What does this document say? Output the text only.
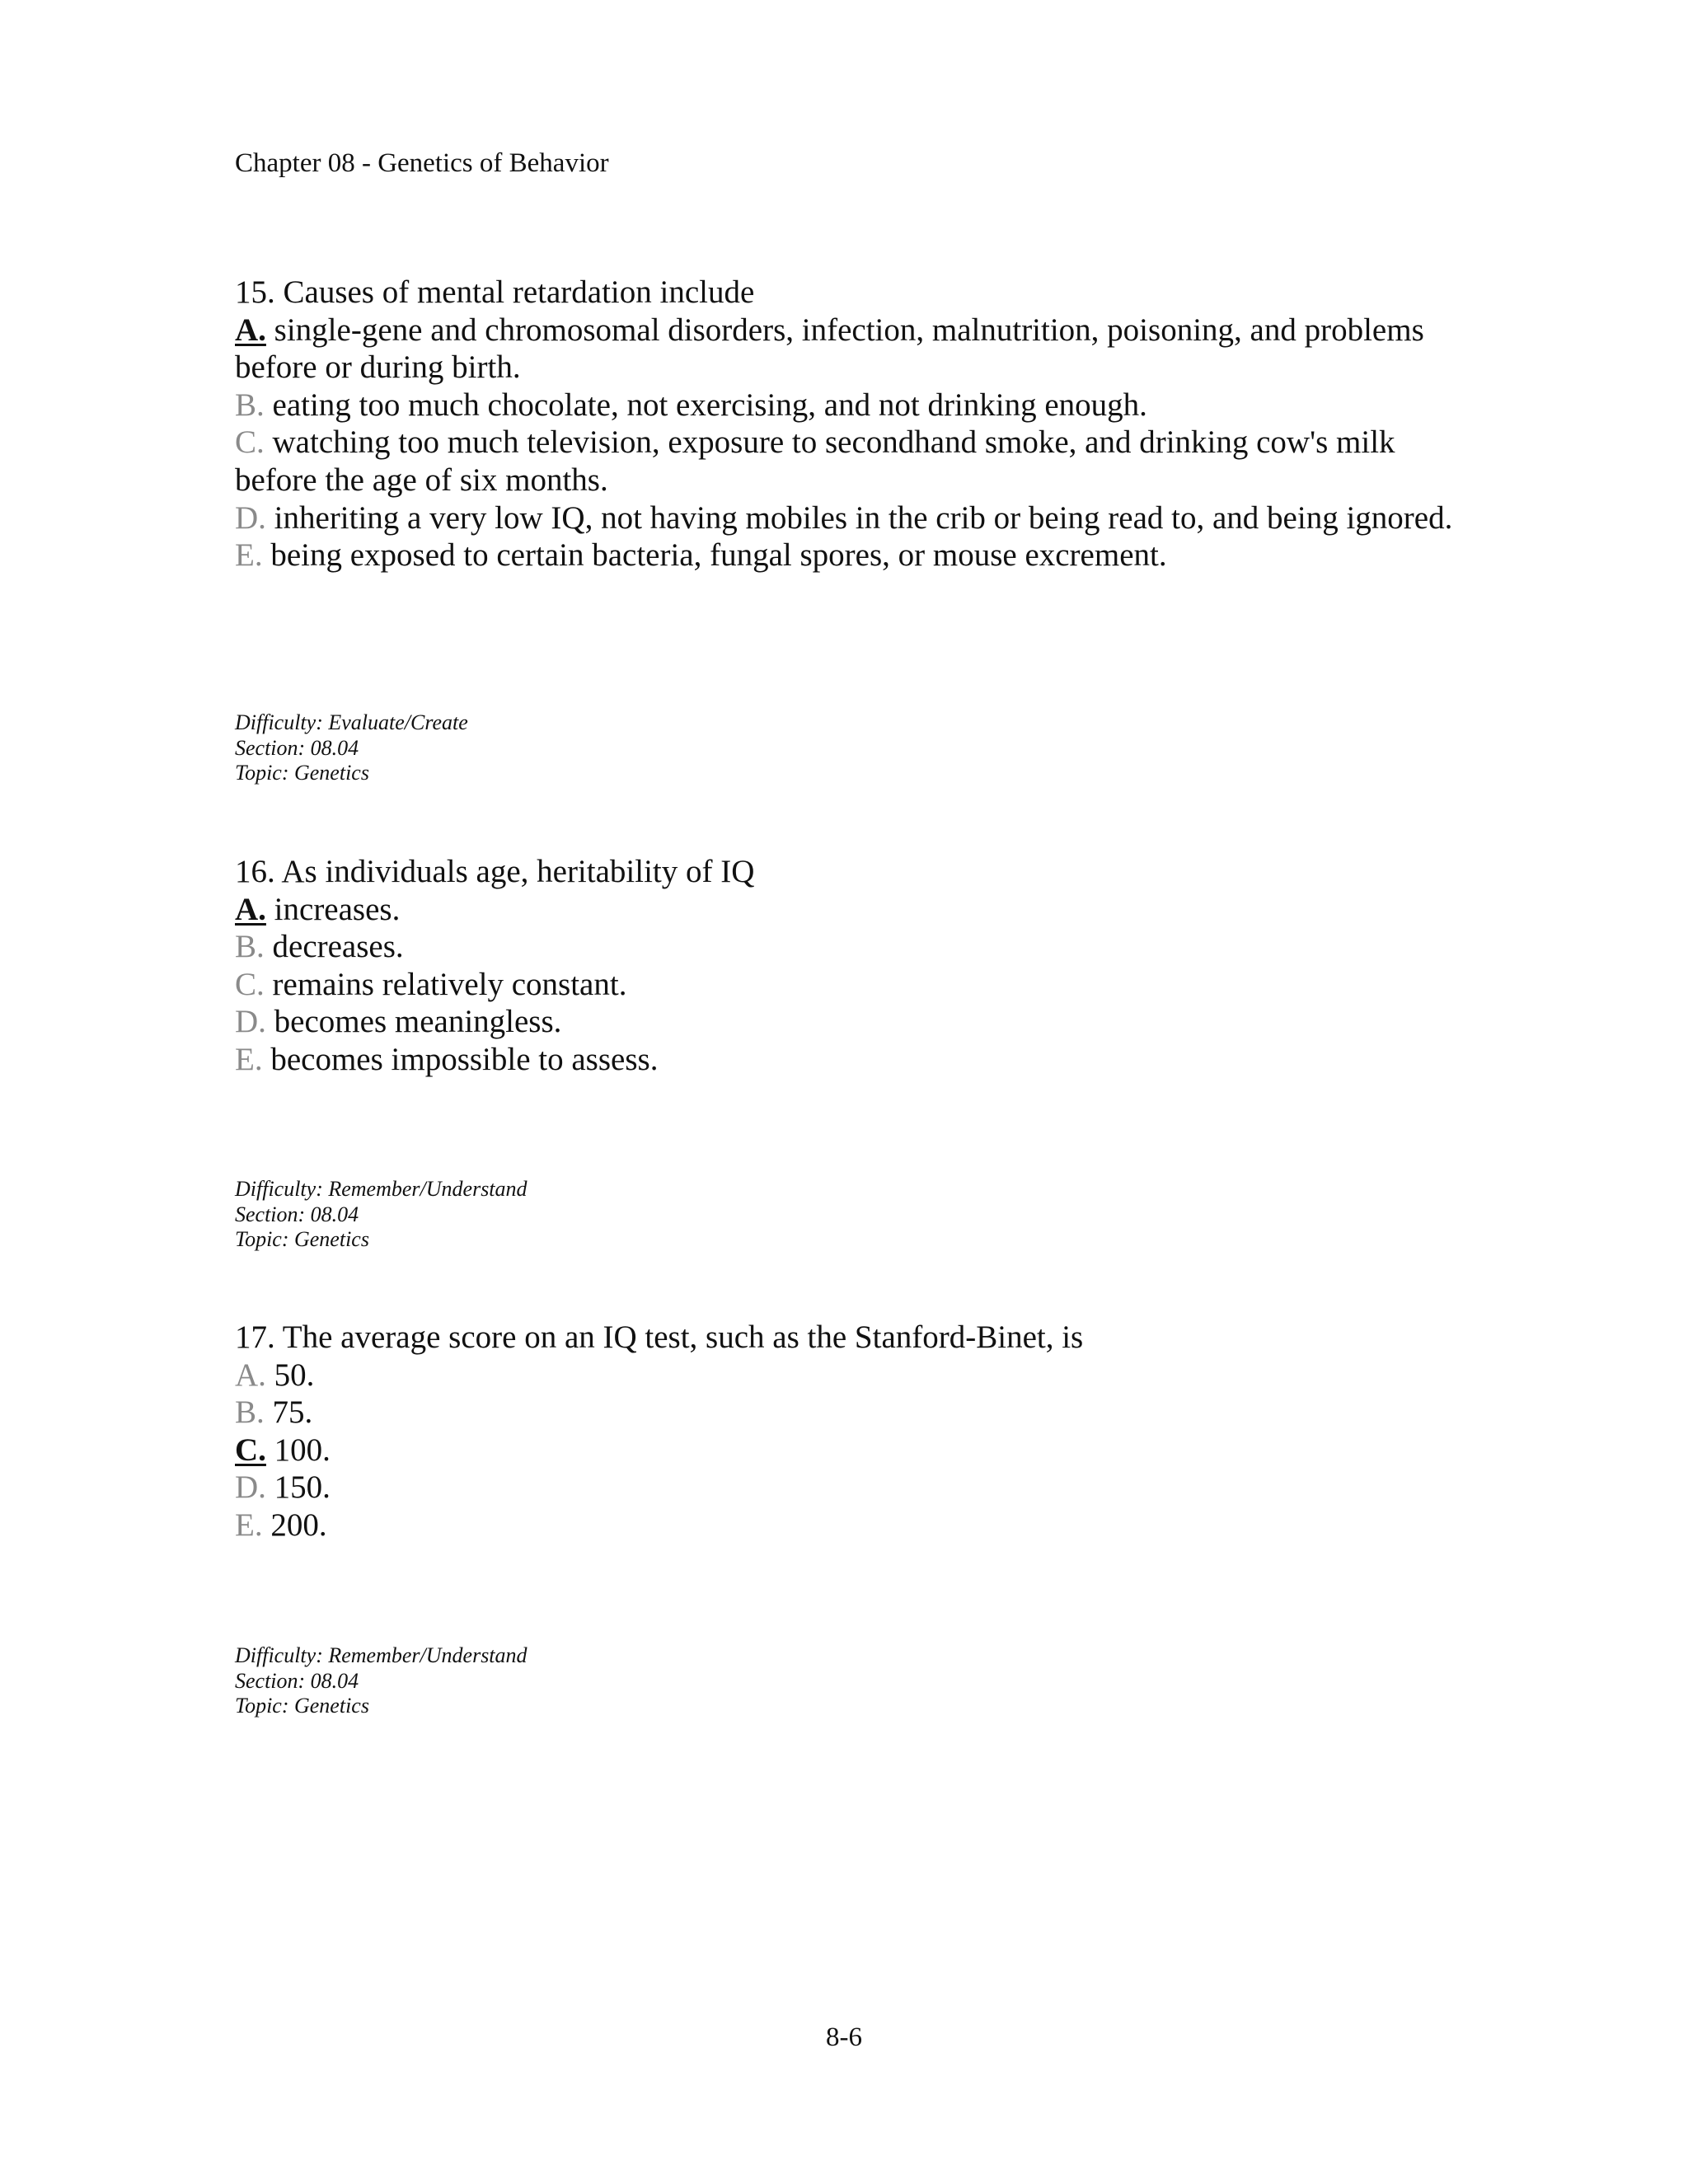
Chapter 08 - Genetics of Behavior
15. Causes of mental retardation include
A. single-gene and chromosomal disorders, infection, malnutrition, poisoning, and problems before or during birth.
B. eating too much chocolate, not exercising, and not drinking enough.
C. watching too much television, exposure to secondhand smoke, and drinking cow's milk before the age of six months.
D. inheriting a very low IQ, not having mobiles in the crib or being read to, and being ignored.
E. being exposed to certain bacteria, fungal spores, or mouse excrement.
Difficulty: Evaluate/Create
Section: 08.04
Topic: Genetics
16. As individuals age, heritability of IQ
A. increases.
B. decreases.
C. remains relatively constant.
D. becomes meaningless.
E. becomes impossible to assess.
Difficulty: Remember/Understand
Section: 08.04
Topic: Genetics
17. The average score on an IQ test, such as the Stanford-Binet, is
A. 50.
B. 75.
C. 100.
D. 150.
E. 200.
Difficulty: Remember/Understand
Section: 08.04
Topic: Genetics
8-6
